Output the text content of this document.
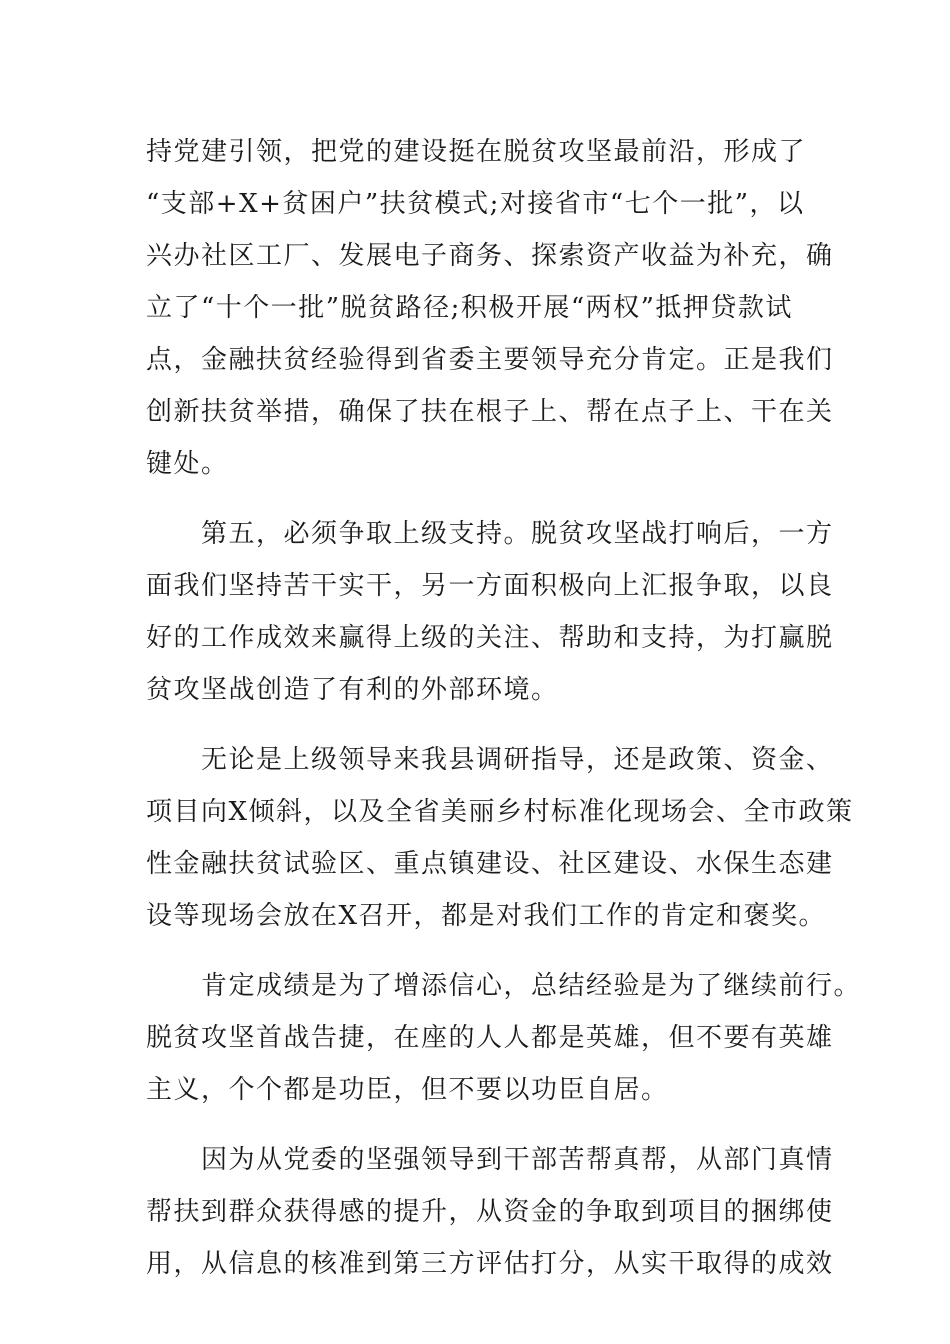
持党建引领，把党的建设挺在脱贫攻坚最前沿，形成了
“支部+X+贫困户”扶贫模式;对接省市“七个一批”，以
兴办社区工厂、发展电子商务、探索资产收益为补充，确
立了“十个一批”脱贫路径;积极开展“两权”抵押贷款试
点，金融扶贫经验得到省委主要领导充分肯定。正是我们
创新扶贫举措，确保了扶在根子上、帮在点子上、干在关
键处。
　　第五，必须争取上级支持。脱贫攻坚战打响后，一方
面我们坚持苦干实干，另一方面积极向上汇报争取，以良
好的工作成效来赢得上级的关注、帮助和支持，为打赢脱
贫攻坚战创造了有利的外部环境。
　　无论是上级领导来我县调研指导，还是政策、资金、
项目向X倾斜，以及全省美丽乡村标准化现场会、全市政策
性金融扶贫试验区、重点镇建设、社区建设、水保生态建
设等现场会放在X召开，都是对我们工作的肯定和褒奖。
　　肯定成绩是为了增添信心，总结经验是为了继续前行。
脱贫攻坚首战告捷，在座的人人都是英雄，但不要有英雄
主义，个个都是功臣，但不要以功臣自居。
　　因为从党委的坚强领导到干部苦帮真帮，从部门真情
帮扶到群众获得感的提升，从资金的争取到项目的捆绑使
用，从信息的核准到第三方评估打分，从实干取得的成效
